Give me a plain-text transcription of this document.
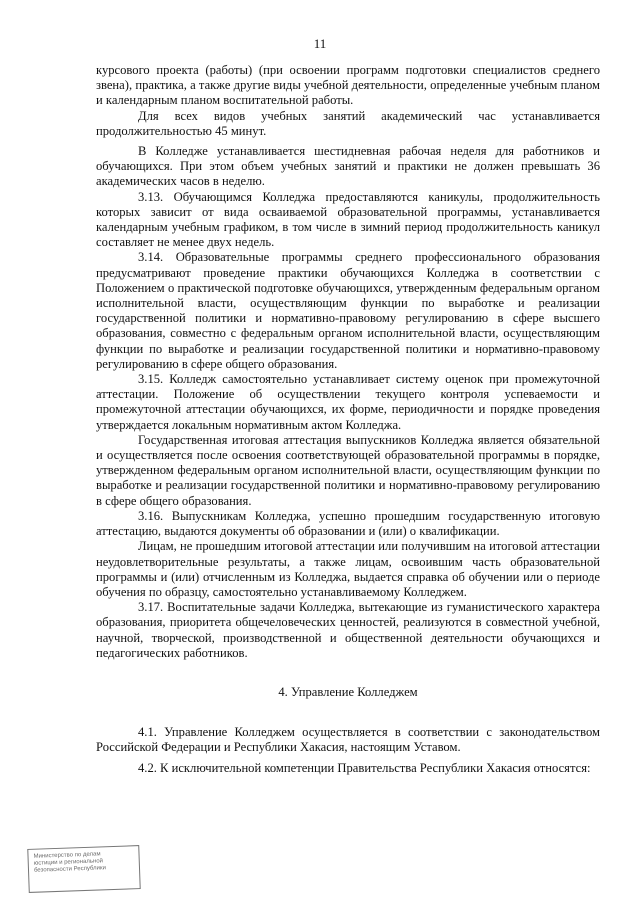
11

курсового проекта (работы) (при освоении программ подготовки специалистов среднего звена), практика, а также другие виды учебной деятельности, определенные учебным планом и календарным планом воспитательной работы.

Для всех видов учебных занятий академический час устанавливается продолжительностью 45 минут.

В Колледже устанавливается шестидневная рабочая неделя для работников и обучающихся. При этом объем учебных занятий и практики не должен превышать 36 академических часов в неделю.

3.13. Обучающимся Колледжа предоставляются каникулы, продолжительность которых зависит от вида осваиваемой образовательной программы, устанавливается календарным учебным графиком, в том числе в зимний период продолжительность каникул составляет не менее двух недель.

3.14. Образовательные программы среднего профессионального образования предусматривают проведение практики обучающихся Колледжа в соответствии с Положением о практической подготовке обучающихся, утвержденным федеральным органом исполнительной власти, осуществляющим функции по выработке и реализации государственной политики и нормативно-правовому регулированию в сфере высшего образования, совместно с федеральным органом исполнительной власти, осуществляющим функции по выработке и реализации государственной политики и нормативно-правовому регулированию в сфере общего образования.

3.15. Колледж самостоятельно устанавливает систему оценок при промежуточной аттестации. Положение об осуществлении текущего контроля успеваемости и промежуточной аттестации обучающихся, их форме, периодичности и порядке проведения утверждается локальным нормативным актом Колледжа.

Государственная итоговая аттестация выпускников Колледжа является обязательной и осуществляется после освоения соответствующей образовательной программы в порядке, утвержденном федеральным органом исполнительной власти, осуществляющим функции по выработке и реализации государственной политики и нормативно-правовому регулированию в сфере общего образования.

3.16. Выпускникам Колледжа, успешно прошедшим государственную итоговую аттестацию, выдаются документы об образовании и (или) о квалификации.

Лицам, не прошедшим итоговой аттестации или получившим на итоговой аттестации неудовлетворительные результаты, а также лицам, освоившим часть образовательной программы и (или) отчисленным из Колледжа, выдается справка об обучении или о периоде обучения по образцу, самостоятельно устанавливаемому Колледжем.

3.17. Воспитательные задачи Колледжа, вытекающие из гуманистического характера образования, приоритета общечеловеческих ценностей, реализуются в совместной учебной, научной, творческой, производственной и общественной деятельности обучающихся и педагогических работников.

4. Управление Колледжем

4.1. Управление Колледжем осуществляется в соответствии с законодательством Российской Федерации и Республики Хакасия, настоящим Уставом.

4.2. К исключительной компетенции Правительства Республики Хакасия относятся:

Министерство по делам
юстиции и региональной
безопасности Республики
